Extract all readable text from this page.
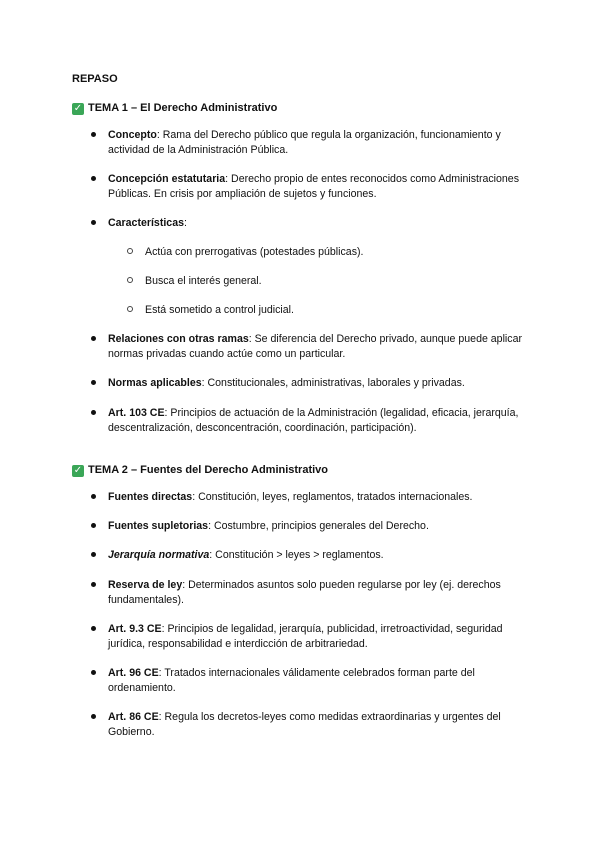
REPASO
✓ TEMA 1 – El Derecho Administrativo
Concepto: Rama del Derecho público que regula la organización, funcionamiento y actividad de la Administración Pública.
Concepción estatutaria: Derecho propio de entes reconocidos como Administraciones Públicas. En crisis por ampliación de sujetos y funciones.
Características:
Actúa con prerrogativas (potestades públicas).
Busca el interés general.
Está sometido a control judicial.
Relaciones con otras ramas: Se diferencia del Derecho privado, aunque puede aplicar normas privadas cuando actúe como un particular.
Normas aplicables: Constitucionales, administrativas, laborales y privadas.
Art. 103 CE: Principios de actuación de la Administración (legalidad, eficacia, jerarquía, descentralización, desconcentración, coordinación, participación).
✓ TEMA 2 – Fuentes del Derecho Administrativo
Fuentes directas: Constitución, leyes, reglamentos, tratados internacionales.
Fuentes supletorias: Costumbre, principios generales del Derecho.
Jerarquía normativa: Constitución > leyes > reglamentos.
Reserva de ley: Determinados asuntos solo pueden regularse por ley (ej. derechos fundamentales).
Art. 9.3 CE: Principios de legalidad, jerarquía, publicidad, irretroactividad, seguridad jurídica, responsabilidad e interdicción de arbitrariedad.
Art. 96 CE: Tratados internacionales válidamente celebrados forman parte del ordenamiento.
Art. 86 CE: Regula los decretos-leyes como medidas extraordinarias y urgentes del Gobierno.
